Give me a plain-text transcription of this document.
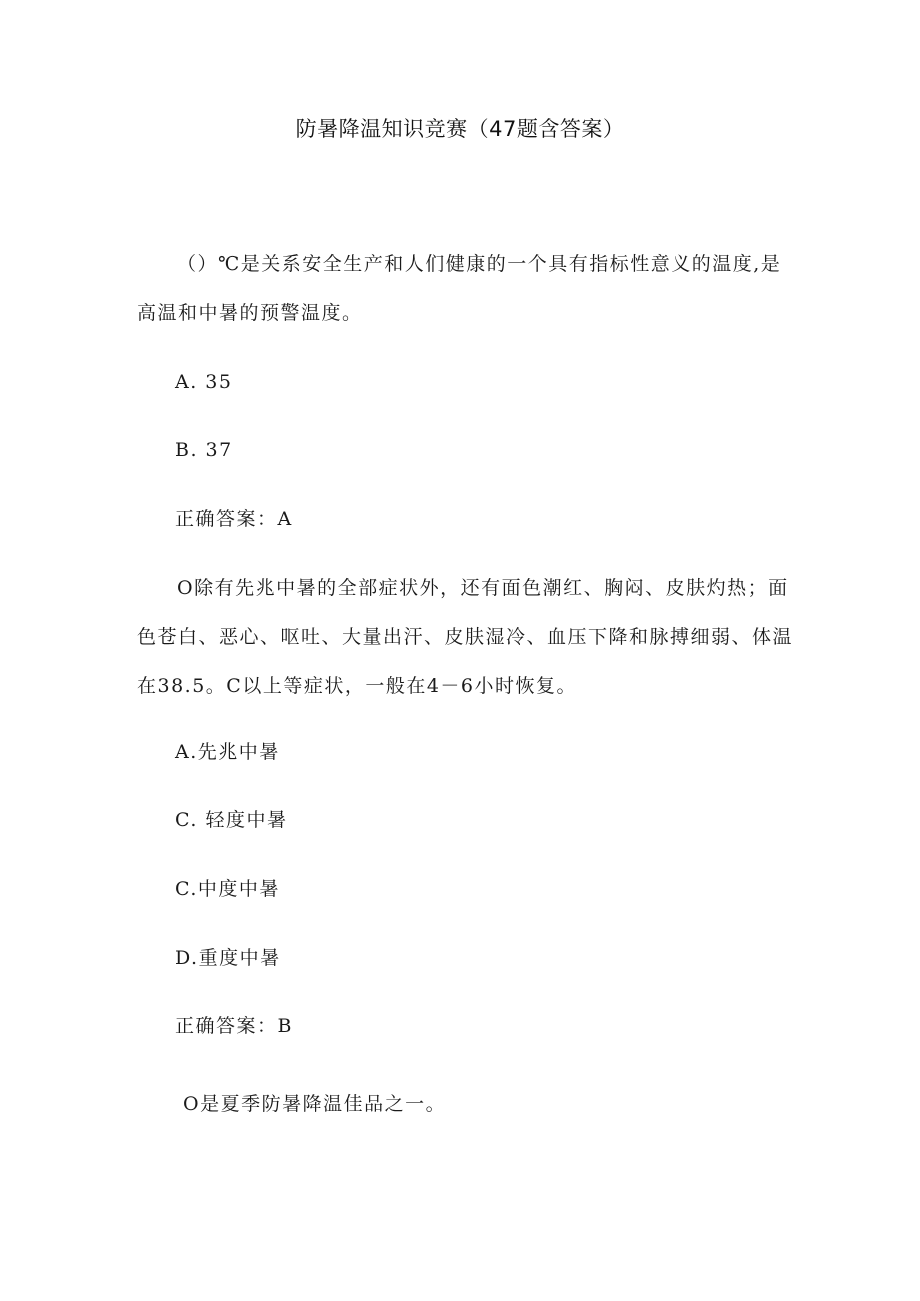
防暑降温知识竞赛（47题含答案）
（）℃是关系安全生产和人们健康的一个具有指标性意义的温度,是
高温和中暑的预警温度。
A. 35
B. 37
正确答案：A
O除有先兆中暑的全部症状外，还有面色潮红、胸闷、皮肤灼热；面
色苍白、恶心、呕吐、大量出汗、皮肤湿冷、血压下降和脉搏细弱、体温
在38.5。C以上等症状，一般在4－6小时恢复。
A.先兆中暑
C. 轻度中暑
C.中度中暑
D.重度中暑
正确答案：B
O是夏季防暑降温佳品之一。
